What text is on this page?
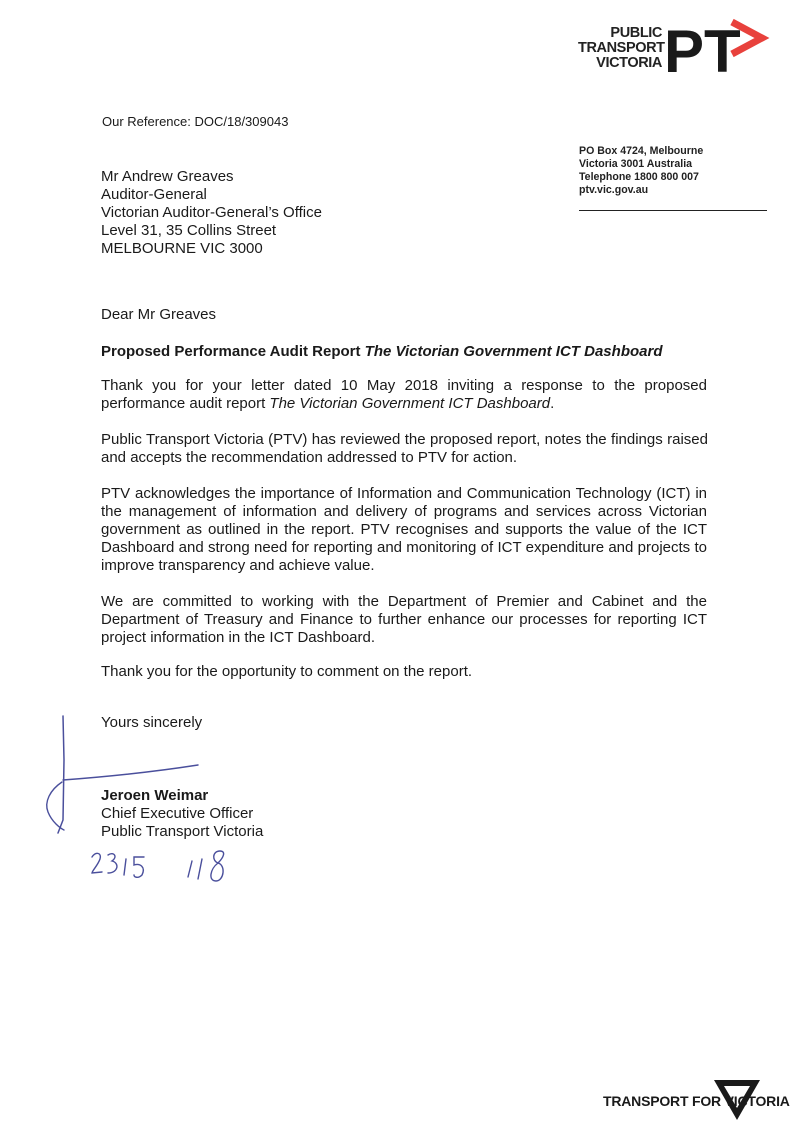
PUBLIC
TRANSPORT
VICTORIA PT
PO Box 4724, Melbourne
Victoria 3001 Australia
Telephone 1800 800 007
ptv.vic.gov.au
Our Reference: DOC/18/309043
Mr Andrew Greaves
Auditor-General
Victorian Auditor-General’s Office
Level 31, 35 Collins Street
MELBOURNE VIC 3000
Dear Mr Greaves
Proposed Performance Audit Report The Victorian Government ICT Dashboard

Thank you for your letter dated 10 May 2018 inviting a response to the proposed performance audit report The Victorian Government ICT Dashboard.

Public Transport Victoria (PTV) has reviewed the proposed report, notes the findings raised and accepts the recommendation addressed to PTV for action.

PTV acknowledges the importance of Information and Communication Technology (ICT) in the management of information and delivery of programs and services across Victorian government as outlined in the report. PTV recognises and supports the value of the ICT Dashboard and strong need for reporting and monitoring of ICT expenditure and projects to improve transparency and achieve value.

We are committed to working with the Department of Premier and Cabinet and the Department of Treasury and Finance to further enhance our processes for reporting ICT project information in the ICT Dashboard.

Thank you for the opportunity to comment on the report.
Yours sincerely
Jeroen Weimar
Chief Executive Officer
Public Transport Victoria
TRANSPORT FOR VICTORIA
